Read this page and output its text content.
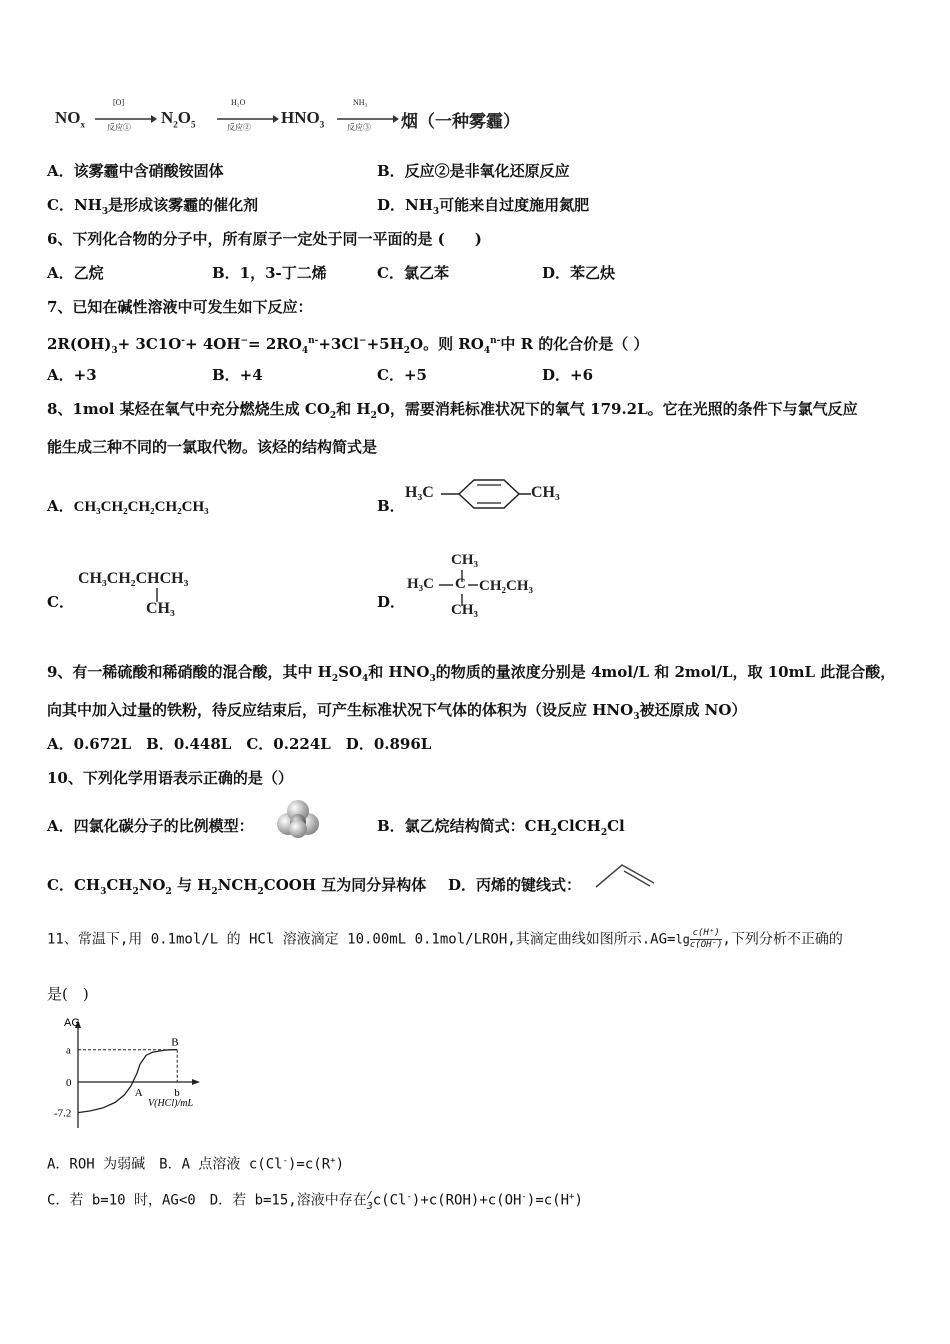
$NO_x$ →
[O]
反应①
$N_2O_5$ →
H₂O
反应②
$HNO_3$ →
NH₃
反应③ 烟（一种雾霾）
A．该雾霾中含硝酸铵固体	B．反应②是非氧化还原反应
C．$NH_3$是形成该雾霾的催化剂	D．$NH_3$可能来自过度施用氮肥
6、下列化合物的分子中，所有原子一定处于同一平面的是 (　　)
A．乙烷	B．1，3-丁二烯	C．氯乙苯	D．苯乙炔
7、已知在碱性溶液中可发生如下反应：
$2R(OH)_3+ 3C1O^-+ 4OH^-= 2RO_4^{n-}+3Cl^-+5H_2O$。则 $RO_4^{n-}$中 R 的化合价是（ ）
A．+3	B．+4	C．+5	D．+6
8、1mol 某烃在氧气中充分燃烧生成 $CO_2$和 $H_2O$，需要消耗标准状况下的氧气 179.2L。它在光照的条件下与氯气反应
能生成三种不同的一氯取代物。该烃的结构简式是
A．CH₃CH₂CH₂CH₂CH₃	B．
H₃C	CH₃
C．
CH₃CH₂CHCH₃
CH₃	D．
CH₃
H₃C C CH₂CH₃
CH₃
9、有一稀硫酸和稀硝酸的混合酸，其中 $H_2SO_4$和 $HNO_3$的物质的量浓度分别是 4mol/L 和 2mol/L，取 10mL 此混合酸，
向其中加入过量的铁粉，待反应结束后，可产生标准状况下气体的体积为（设反应 $HNO_3$被还原成 NO）
A．0.672L　B．0.448L　C．0.224L　D．0.896L
10、下列化学用语表示正确的是（）
A．四氯化碳分子的比例模型：	B．氯乙烷结构简式：$CH_2ClCH_2Cl$
C．$CH_3CH_2NO_2$ 与 $H_2NCH_2COOH$ 互为同分异构体 D．丙烯的键线式：
11、常温下,用 0.1mol/L 的 HCl 溶液滴定 10.00mL 0.1mol/LROH,其滴定曲线如图所示$.AG=\lg \frac{c(H^+)}{c(OH^-)}$ ,下列分析不正确的
是(　)
AG
V(HCl)/mL
a
0
-7.2
b
A
B
A．ROH 为弱碱　B．A 点溶液 c(Cl-)=c(R+)
C．若 b=10 时，AG<0　D．若 b=15,溶液中存在 /
3 c(Cl-)+c(ROH)+c(OH-)=c(H+)
